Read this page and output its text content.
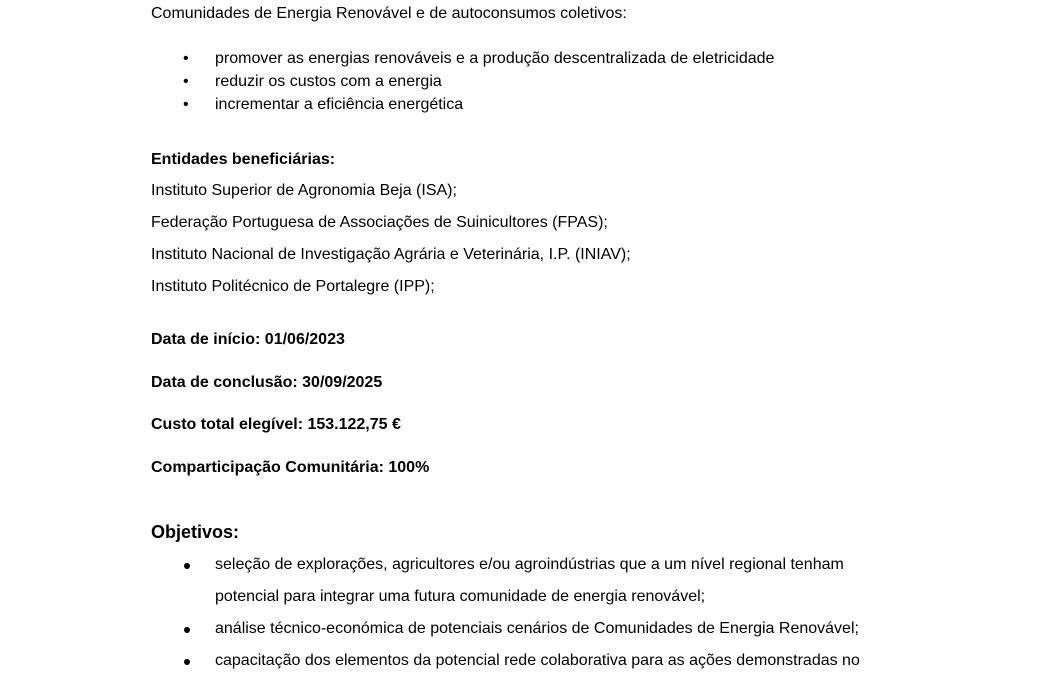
Comunidades de Energia Renovável e de autoconsumos coletivos:
• promover as energias renováveis e a produção descentralizada de eletricidade
• reduzir os custos com a energia
• incrementar a eficiência energética
Entidades beneficiárias:
Instituto Superior de Agronomia Beja (ISA);
Federação Portuguesa de Associações de Suinicultores (FPAS);
Instituto Nacional de Investigação Agrária e Veterinária, I.P. (INIAV);
Instituto Politécnico de Portalegre (IPP);
Data de início: 01/06/2023
Data de conclusão: 30/09/2025
Custo total elegível: 153.122,75 €
Comparticipação Comunitária: 100%
Objetivos:
seleção de explorações, agricultores e/ou agroindústrias que a um nível regional tenham
potencial para integrar uma futura comunidade de energia renovável;
análise técnico-económica de potenciais cenários de Comunidades de Energia Renovável;
capacitação dos elementos da potencial rede colaborativa para as ações demonstradas no
